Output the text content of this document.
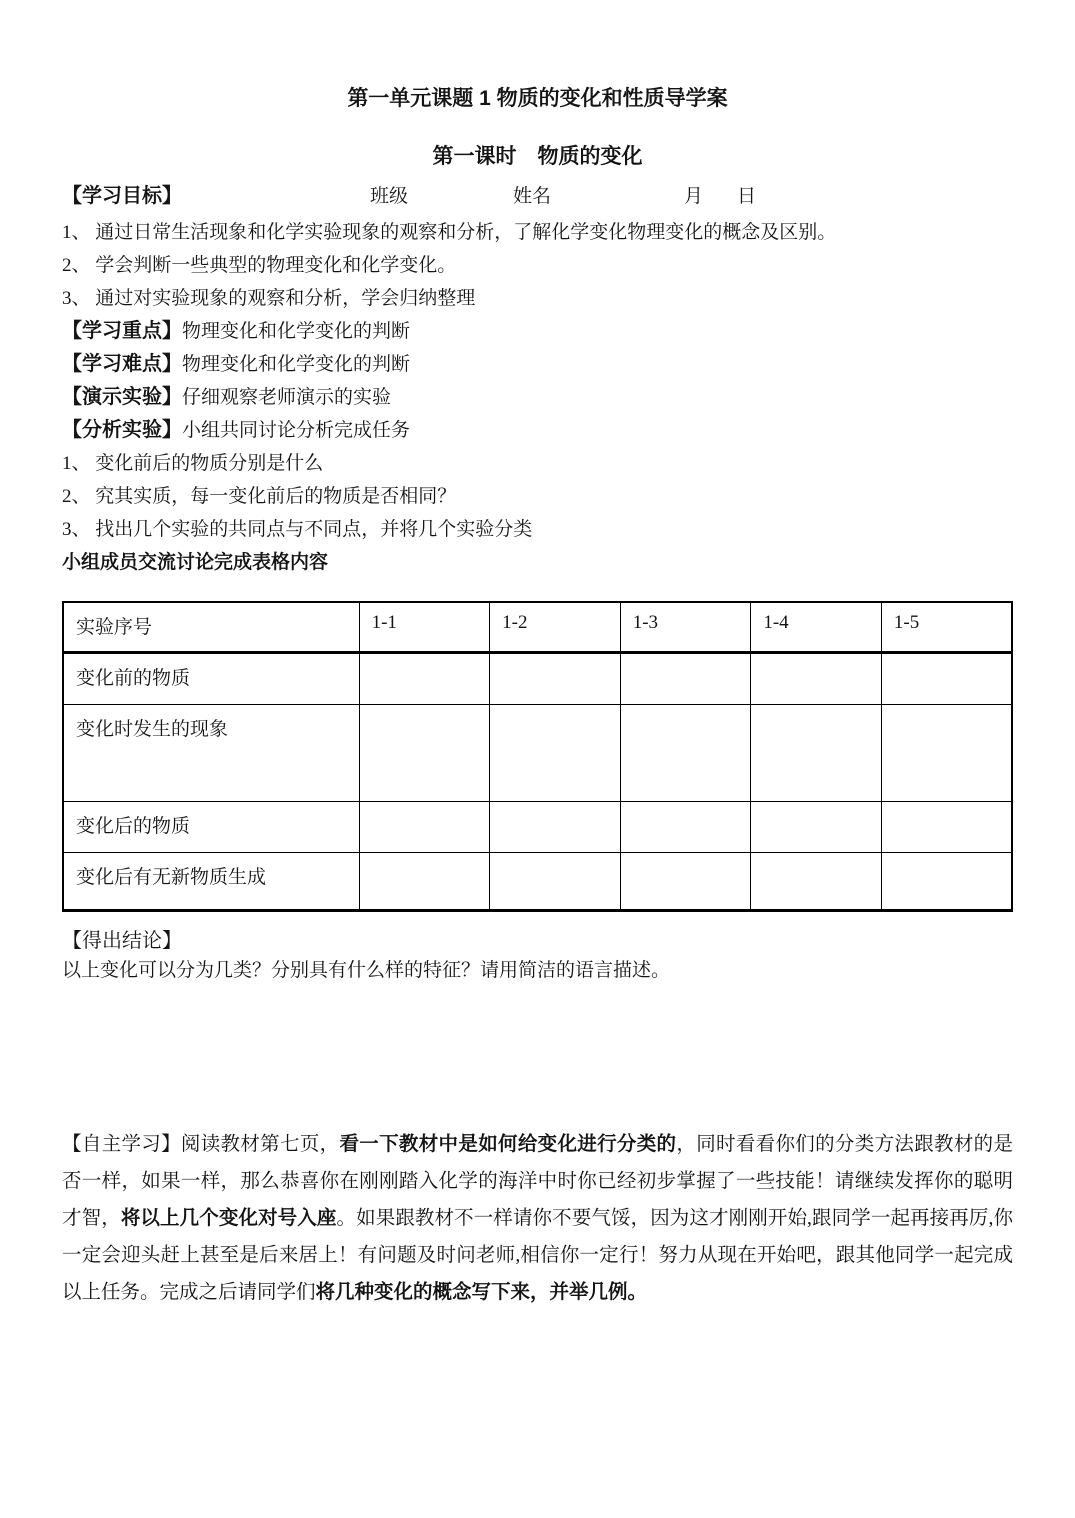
第一单元课题 1 物质的变化和性质导学案
第一课时　物质的变化
【学习目标】	班级	姓名	月 日
1、 通过日常生活现象和化学实验现象的观察和分析，了解化学变化物理变化的概念及区别。
2、 学会判断一些典型的物理变化和化学变化。
3、 通过对实验现象的观察和分析，学会归纳整理
【学习重点】物理变化和化学变化的判断
【学习难点】物理变化和化学变化的判断
【演示实验】仔细观察老师演示的实验
【分析实验】小组共同讨论分析完成任务
1、 变化前后的物质分别是什么
2、 究其实质，每一变化前后的物质是否相同？
3、 找出几个实验的共同点与不同点，并将几个实验分类
小组成员交流讨论完成表格内容
实验序号	1-1	1-2	1-3	1-4	1-5
变化前的物质					
变化时发生的现象					
变化后的物质					
变化后有无新物质生成					
【得出结论】
以上变化可以分为几类？分别具有什么样的特征？请用简洁的语言描述。
【自主学习】阅读教材第七页，看一下教材中是如何给变化进行分类的，同时看看你们的分类方法跟教材的是否一样，如果一样，那么恭喜你在刚刚踏入化学的海洋中时你已经初步掌握了一些技能！请继续发挥你的聪明才智，将以上几个变化对号入座。如果跟教材不一样请你不要气馁，因为这才刚刚开始,跟同学一起再接再厉,你一定会迎头赶上甚至是后来居上！有问题及时问老师,相信你一定行！努力从现在开始吧，跟其他同学一起完成以上任务。完成之后请同学们将几种变化的概念写下来，并举几例。
